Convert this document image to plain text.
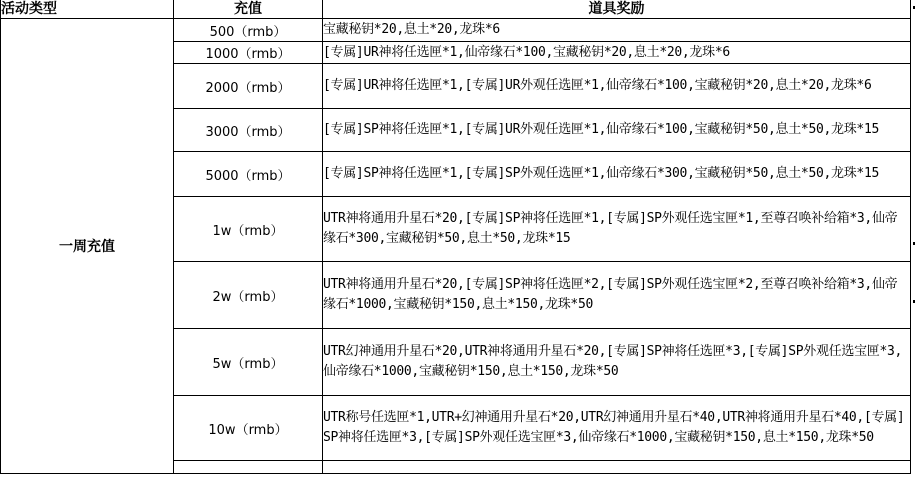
活动类型	充值	道具奖励
一周充值	500（rmb）	宝藏秘钥*20,息土*20,龙珠*6
	1000（rmb）	[专属]UR神将任选匣*1,仙帝缘石*100,宝藏秘钥*20,息土*20,龙珠*6
	2000（rmb）	[专属]UR神将任选匣*1,[专属]UR外观任选匣*1,仙帝缘石*100,宝藏秘钥*20,息土*20,龙珠*6
	3000（rmb）	[专属]SP神将任选匣*1,[专属]UR外观任选匣*1,仙帝缘石*100,宝藏秘钥*50,息土*50,龙珠*15
	5000（rmb）	[专属]SP神将任选匣*1,[专属]SP外观任选匣*1,仙帝缘石*300,宝藏秘钥*50,息土*50,龙珠*15
	1w（rmb）	UTR神将通用升星石*20,[专属]SP神将任选匣*1,[专属]SP外观任选宝匣*1,至尊召唤补给箱*3,仙帝缘石*300,宝藏秘钥*50,息土*50,龙珠*15
	2w（rmb）	UTR神将通用升星石*20,[专属]SP神将任选匣*2,[专属]SP外观任选宝匣*2,至尊召唤补给箱*3,仙帝缘石*1000,宝藏秘钥*150,息土*150,龙珠*50
	5w（rmb）	UTR幻神通用升星石*20,UTR神将通用升星石*20,[专属]SP神将任选匣*3,[专属]SP外观任选宝匣*3,仙帝缘石*1000,宝藏秘钥*150,息土*150,龙珠*50
	10w（rmb）	UTR称号任选匣*1,UTR+幻神通用升星石*20,UTR幻神通用升星石*40,UTR神将通用升星石*40,[专属]SP神将任选匣*3,[专属]SP外观任选宝匣*3,仙帝缘石*1000,宝藏秘钥*150,息土*150,龙珠*50
